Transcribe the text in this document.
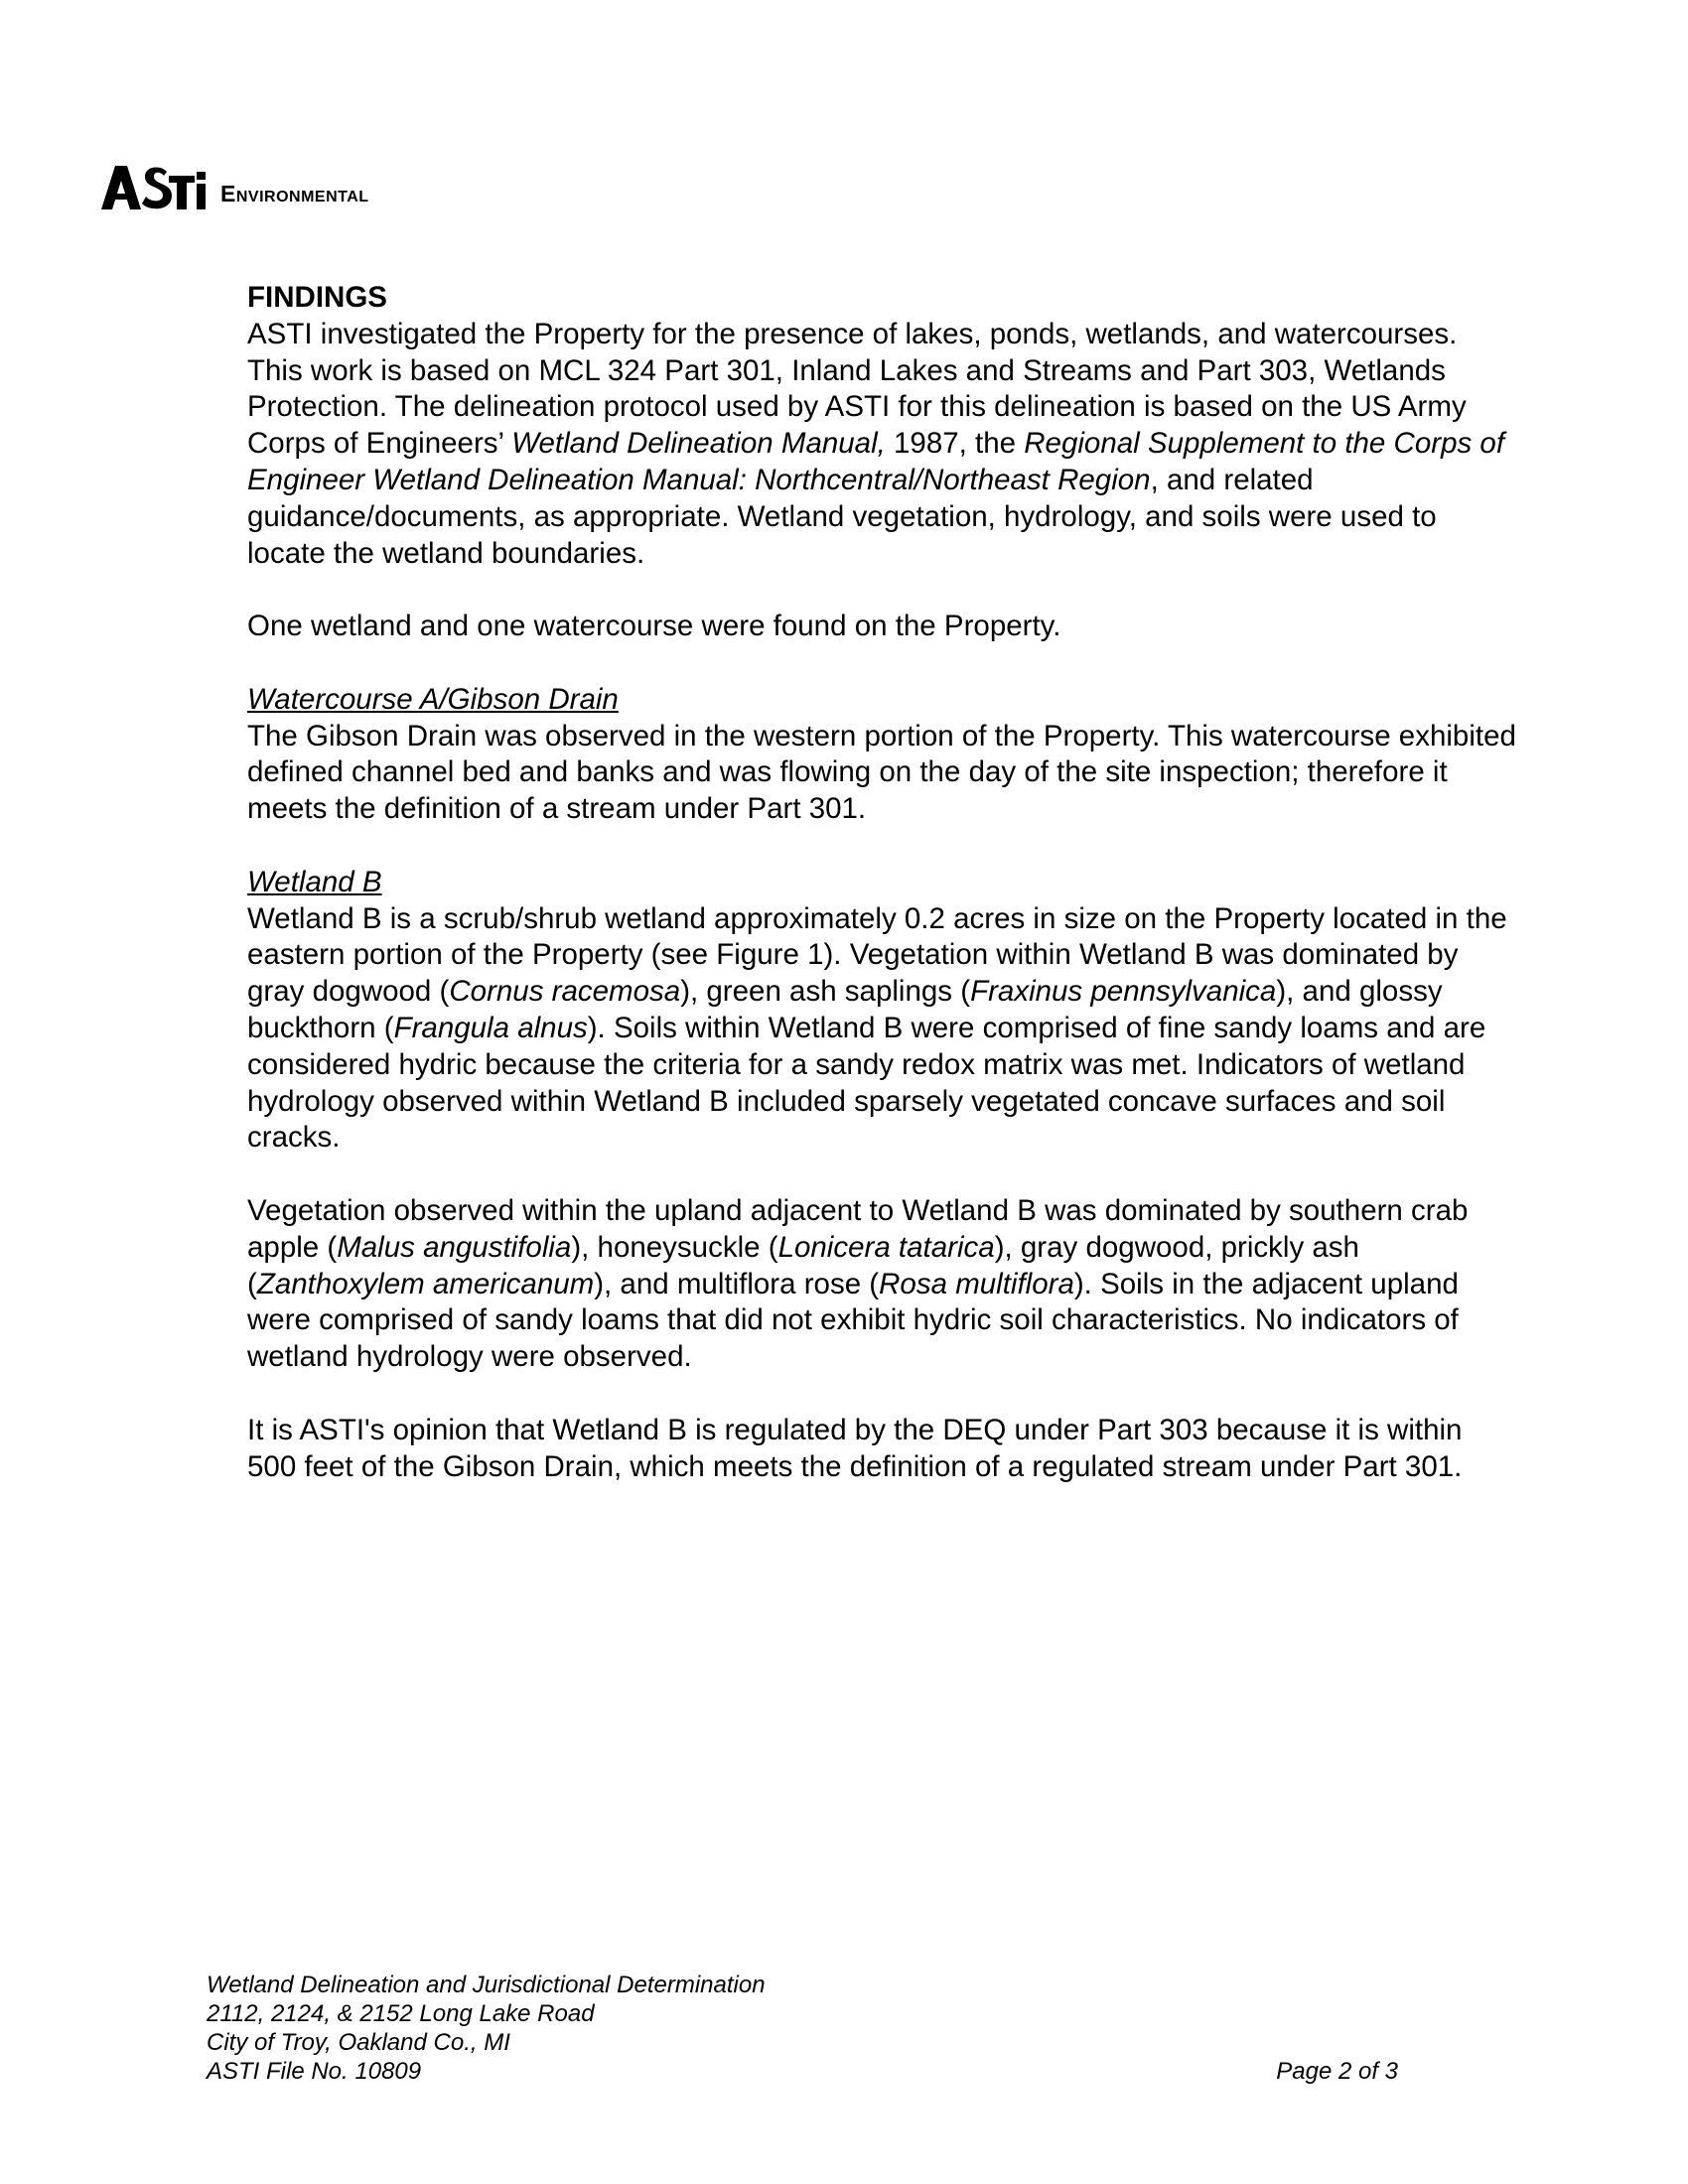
Environmental

FINDINGS

ASTI investigated the Property for the presence of lakes, ponds, wetlands, and watercourses. This work is based on MCL 324 Part 301, Inland Lakes and Streams and Part 303, Wetlands Protection. The delineation protocol used by ASTI for this delineation is based on the US Army Corps of Engineers’ Wetland Delineation Manual, 1987, the Regional Supplement to the Corps of Engineer Wetland Delineation Manual: Northcentral/Northeast Region, and related guidance/documents, as appropriate. Wetland vegetation, hydrology, and soils were used to locate the wetland boundaries.

One wetland and one watercourse were found on the Property.

Watercourse A/Gibson Drain

The Gibson Drain was observed in the western portion of the Property. This watercourse exhibited defined channel bed and banks and was flowing on the day of the site inspection; therefore it meets the definition of a stream under Part 301.

Wetland B

Wetland B is a scrub/shrub wetland approximately 0.2 acres in size on the Property located in the eastern portion of the Property (see Figure 1). Vegetation within Wetland B was dominated by gray dogwood (Cornus racemosa), green ash saplings (Fraxinus pennsylvanica), and glossy buckthorn (Frangula alnus). Soils within Wetland B were comprised of fine sandy loams and are considered hydric because the criteria for a sandy redox matrix was met. Indicators of wetland hydrology observed within Wetland B included sparsely vegetated concave surfaces and soil cracks.

Vegetation observed within the upland adjacent to Wetland B was dominated by southern crab apple (Malus angustifolia), honeysuckle (Lonicera tatarica), gray dogwood, prickly ash (Zanthoxylem americanum), and multiflora rose (Rosa multiflora). Soils in the adjacent upland were comprised of sandy loams that did not exhibit hydric soil characteristics. No indicators of wetland hydrology were observed.

It is ASTI's opinion that Wetland B is regulated by the DEQ under Part 303 because it is within 500 feet of the Gibson Drain, which meets the definition of a regulated stream under Part 301.

Wetland Delineation and Jurisdictional Determination
2112, 2124, & 2152 Long Lake Road
City of Troy, Oakland Co., MI
ASTI File No. 10809	Page 2 of 3
